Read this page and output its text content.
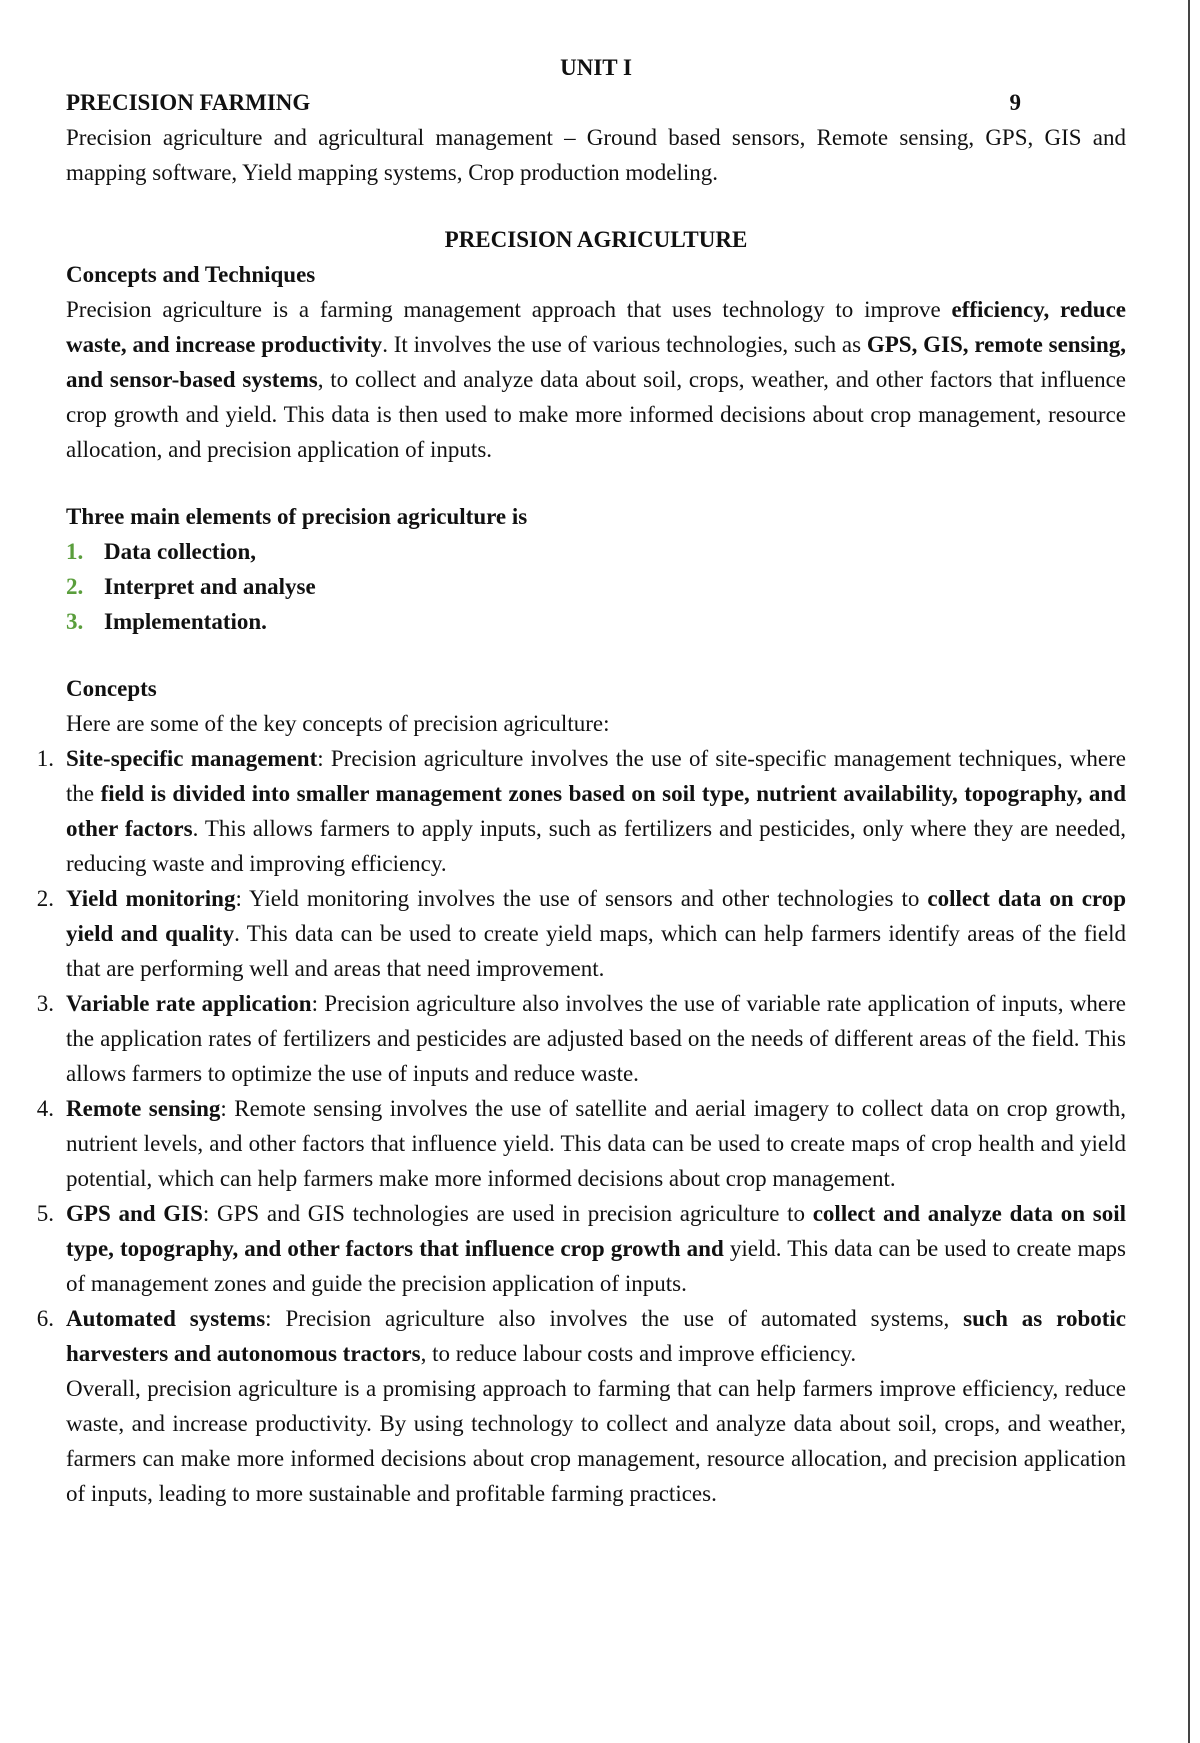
UNIT I
PRECISION FARMING	9
Precision agriculture and agricultural management – Ground based sensors, Remote sensing, GPS, GIS and mapping software, Yield mapping systems, Crop production modeling.
PRECISION AGRICULTURE
Concepts and Techniques
Precision agriculture is a farming management approach that uses technology to improve efficiency, reduce waste, and increase productivity. It involves the use of various technologies, such as GPS, GIS, remote sensing, and sensor-based systems, to collect and analyze data about soil, crops, weather, and other factors that influence crop growth and yield. This data is then used to make more informed decisions about crop management, resource allocation, and precision application of inputs.
Three main elements of precision agriculture is
1. Data collection,
2. Interpret and analyse
3. Implementation.
Concepts
Here are some of the key concepts of precision agriculture:
1. Site-specific management: Precision agriculture involves the use of site-specific management techniques, where the field is divided into smaller management zones based on soil type, nutrient availability, topography, and other factors. This allows farmers to apply inputs, such as fertilizers and pesticides, only where they are needed, reducing waste and improving efficiency.
2. Yield monitoring: Yield monitoring involves the use of sensors and other technologies to collect data on crop yield and quality. This data can be used to create yield maps, which can help farmers identify areas of the field that are performing well and areas that need improvement.
3. Variable rate application: Precision agriculture also involves the use of variable rate application of inputs, where the application rates of fertilizers and pesticides are adjusted based on the needs of different areas of the field. This allows farmers to optimize the use of inputs and reduce waste.
4. Remote sensing: Remote sensing involves the use of satellite and aerial imagery to collect data on crop growth, nutrient levels, and other factors that influence yield. This data can be used to create maps of crop health and yield potential, which can help farmers make more informed decisions about crop management.
5. GPS and GIS: GPS and GIS technologies are used in precision agriculture to collect and analyze data on soil type, topography, and other factors that influence crop growth and yield. This data can be used to create maps of management zones and guide the precision application of inputs.
6. Automated systems: Precision agriculture also involves the use of automated systems, such as robotic harvesters and autonomous tractors, to reduce labour costs and improve efficiency.
Overall, precision agriculture is a promising approach to farming that can help farmers improve efficiency, reduce waste, and increase productivity. By using technology to collect and analyze data about soil, crops, and weather, farmers can make more informed decisions about crop management, resource allocation, and precision application of inputs, leading to more sustainable and profitable farming practices.
